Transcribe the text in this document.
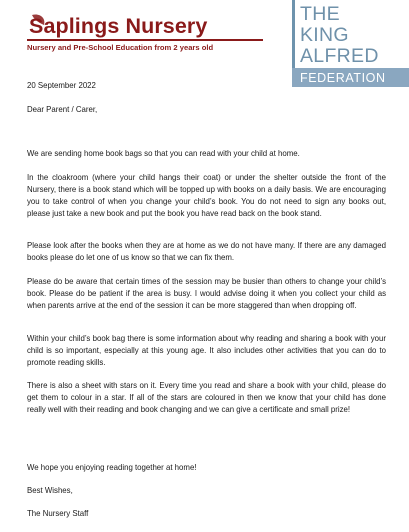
Saplings Nursery

Nursery and Pre-School Education from 2 years old

THE
KING
ALFRED
FEDERATION

20 September 2022

Dear Parent / Carer,

We are sending home book bags so that you can read with your child at home.

In the cloakroom (where your child hangs their coat) or under the shelter outside the front of the Nursery, there is a book stand which will be topped up with books on a daily basis. We are encouraging you to take control of when you change your child’s book. You do not need to sign any books out, please just take a new book and put the book you have read back on the book stand.

Please look after the books when they are at home as we do not have many. If there are any damaged books please do let one of us know so that we can fix them.

Please do be aware that certain times of the session may be busier than others to change your child’s book. Please do be patient if the area is busy. I would advise doing it when you collect your child as when parents arrive at the end of the session it can be more staggered than when dropping off.

Within your child’s book bag there is some information about why reading and sharing a book with your child is so important, especially at this young age. It also includes other activities that you can do to promote reading skills.

There is also a sheet with stars on it. Every time you read and share a book with your child, please do get them to colour in a star. If all of the stars are coloured in then we know that your child has done really well with their reading and book changing and we can give a certificate and small prize!

We hope you enjoying reading together at home!

Best Wishes,

The Nursery Staff
